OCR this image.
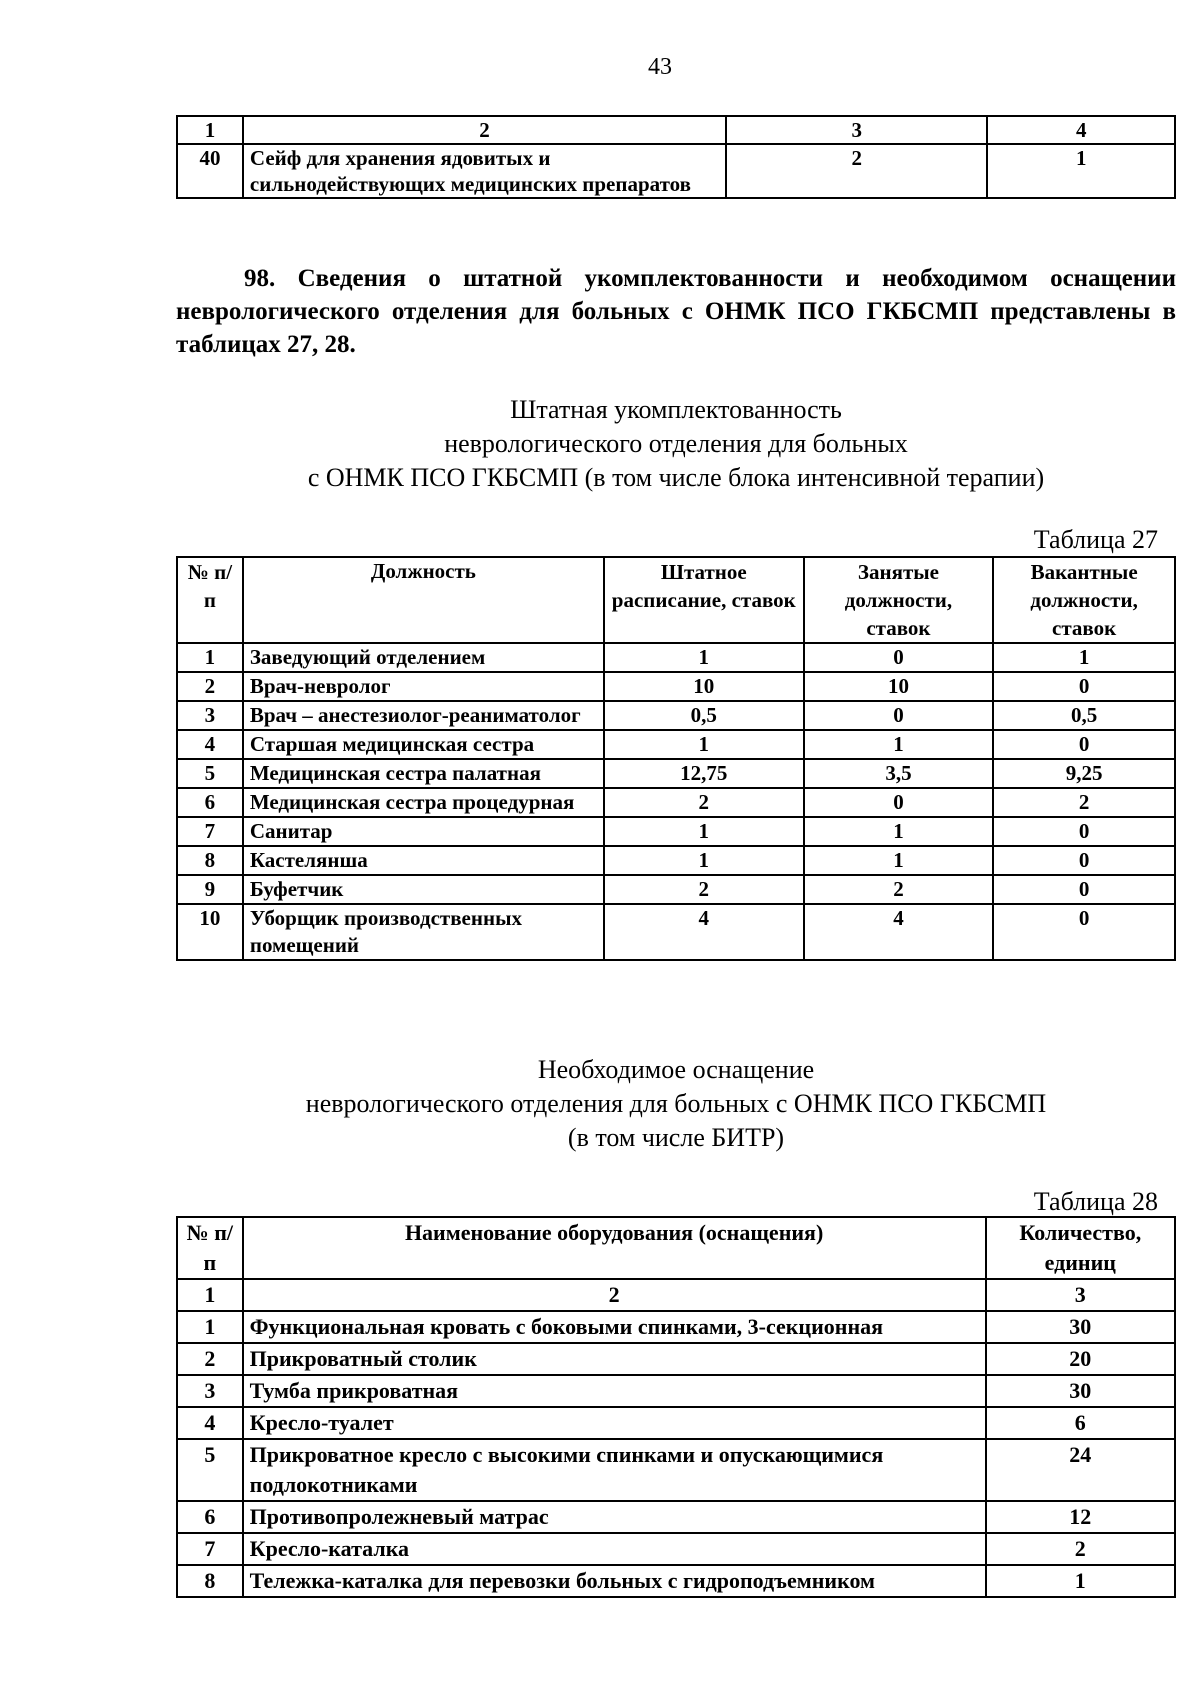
43
1	2	3	4
40	Сейф для хранения ядовитых и сильнодействующих медицинских препаратов	2	1
98. Сведения о штатной укомплектованности и необходимом оснащении неврологического отделения для больных с ОНМК ПСО ГКБСМП представлены в таблицах 27, 28.
Штатная укомплектованность
неврологического отделения для больных
с ОНМК ПСО ГКБСМП (в том числе блока интенсивной терапии)
Таблица 27
№ п/п	Должность	Штатное расписание, ставок	Занятые должности, ставок	Вакантные должности, ставок
1	Заведующий отделением	1	0	1
2	Врач-невролог	10	10	0
3	Врач – анестезиолог-реаниматолог	0,5	0	0,5
4	Старшая медицинская сестра	1	1	0
5	Медицинская сестра палатная	12,75	3,5	9,25
6	Медицинская сестра процедурная	2	0	2
7	Санитар	1	1	0
8	Кастелянша	1	1	0
9	Буфетчик	2	2	0
10	Уборщик производственных помещений	4	4	0
Необходимое оснащение
неврологического отделения для больных с ОНМК ПСО ГКБСМП
(в том числе БИТР)
Таблица 28
№ п/п	Наименование оборудования (оснащения)	Количество, единиц
1	2	3
1	Функциональная кровать с боковыми спинками, 3-секционная	30
2	Прикроватный столик	20
3	Тумба прикроватная	30
4	Кресло-туалет	6
5	Прикроватное кресло с высокими спинками и опускающимися подлокотниками	24
6	Противопролежневый матрас	12
7	Кресло-каталка	2
8	Тележка-каталка для перевозки больных с гидроподъемником	1
